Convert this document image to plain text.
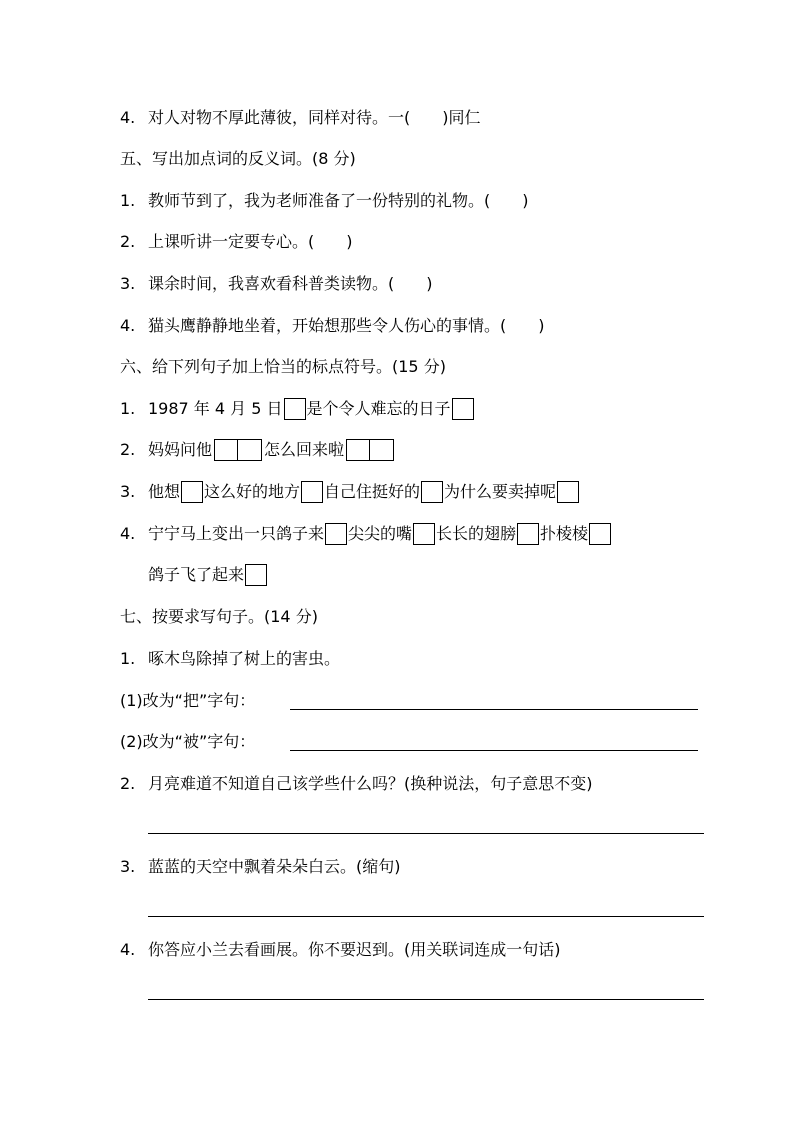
4. 对人对物不厚此薄彼，同样对待。一(　　)同仁
五、写出加点词的反义词。(8 分)
1. 教师节到了，我为老师准备了一份特别的礼物。(　　)
2. 上课听讲一定要专心。(　　)
3. 课余时间，我喜欢看科普类读物。(　　)
4. 猫头鹰静静地坐着，开始想那些令人伤心的事情。(　　)
六、给下列句子加上恰当的标点符号。(15 分)
1. 1987 年 4 月 5 日 是个令人难忘的日子
2. 妈妈问他	怎么回来啦
3. 他想 这么好的地方 自己住挺好的 为什么要卖掉呢
4. 宁宁马上变出一只鸽子来 尖尖的嘴 长长的翅膀 扑棱棱
鸽子飞了起来
七、按要求写句子。(14 分)
1. 啄木鸟除掉了树上的害虫。
(1)改为“把”字句：
(2)改为“被”字句：
2. 月亮难道不知道自己该学些什么吗？(换种说法，句子意思不变)
3. 蓝蓝的天空中飘着朵朵白云。(缩句)
4. 你答应小兰去看画展。你不要迟到。(用关联词连成一句话)
